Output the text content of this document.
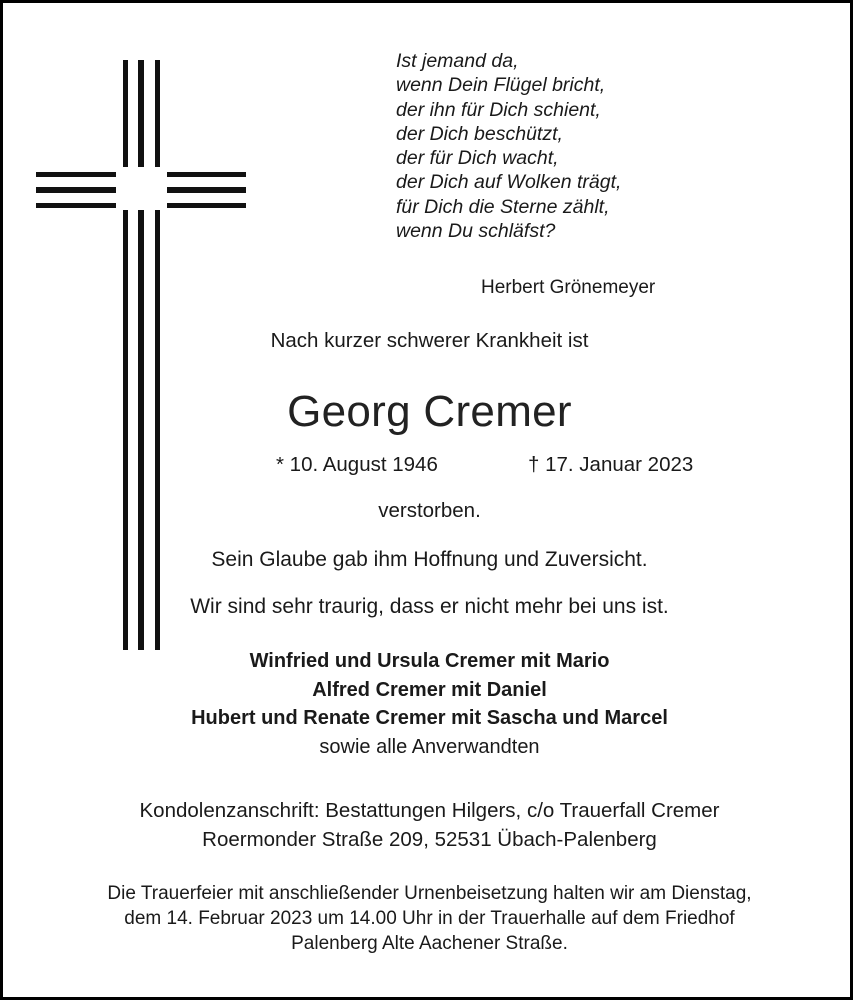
Ist jemand da,
wenn Dein Flügel bricht,
der ihn für Dich schient,
der Dich beschützt,
der für Dich wacht,
der Dich auf Wolken trägt,
für Dich die Sterne zählt,
wenn Du schläfst?
Herbert Grönemeyer
Nach kurzer schwerer Krankheit ist
Georg Cremer
* 10. August 1946	† 17. Januar 2023
verstorben.
Sein Glaube gab ihm Hoffnung und Zuversicht.
Wir sind sehr traurig, dass er nicht mehr bei uns ist.
Winfried und Ursula Cremer mit Mario
Alfred Cremer mit Daniel
Hubert und Renate Cremer mit Sascha und Marcel
sowie alle Anverwandten
Kondolenzanschrift: Bestattungen Hilgers, c/o Trauerfall Cremer
Roermonder Straße 209, 52531 Übach-Palenberg
Die Trauerfeier mit anschließender Urnenbeisetzung halten wir am Dienstag,
dem 14. Februar 2023 um 14.00 Uhr in der Trauerhalle auf dem Friedhof
Palenberg Alte Aachener Straße.
